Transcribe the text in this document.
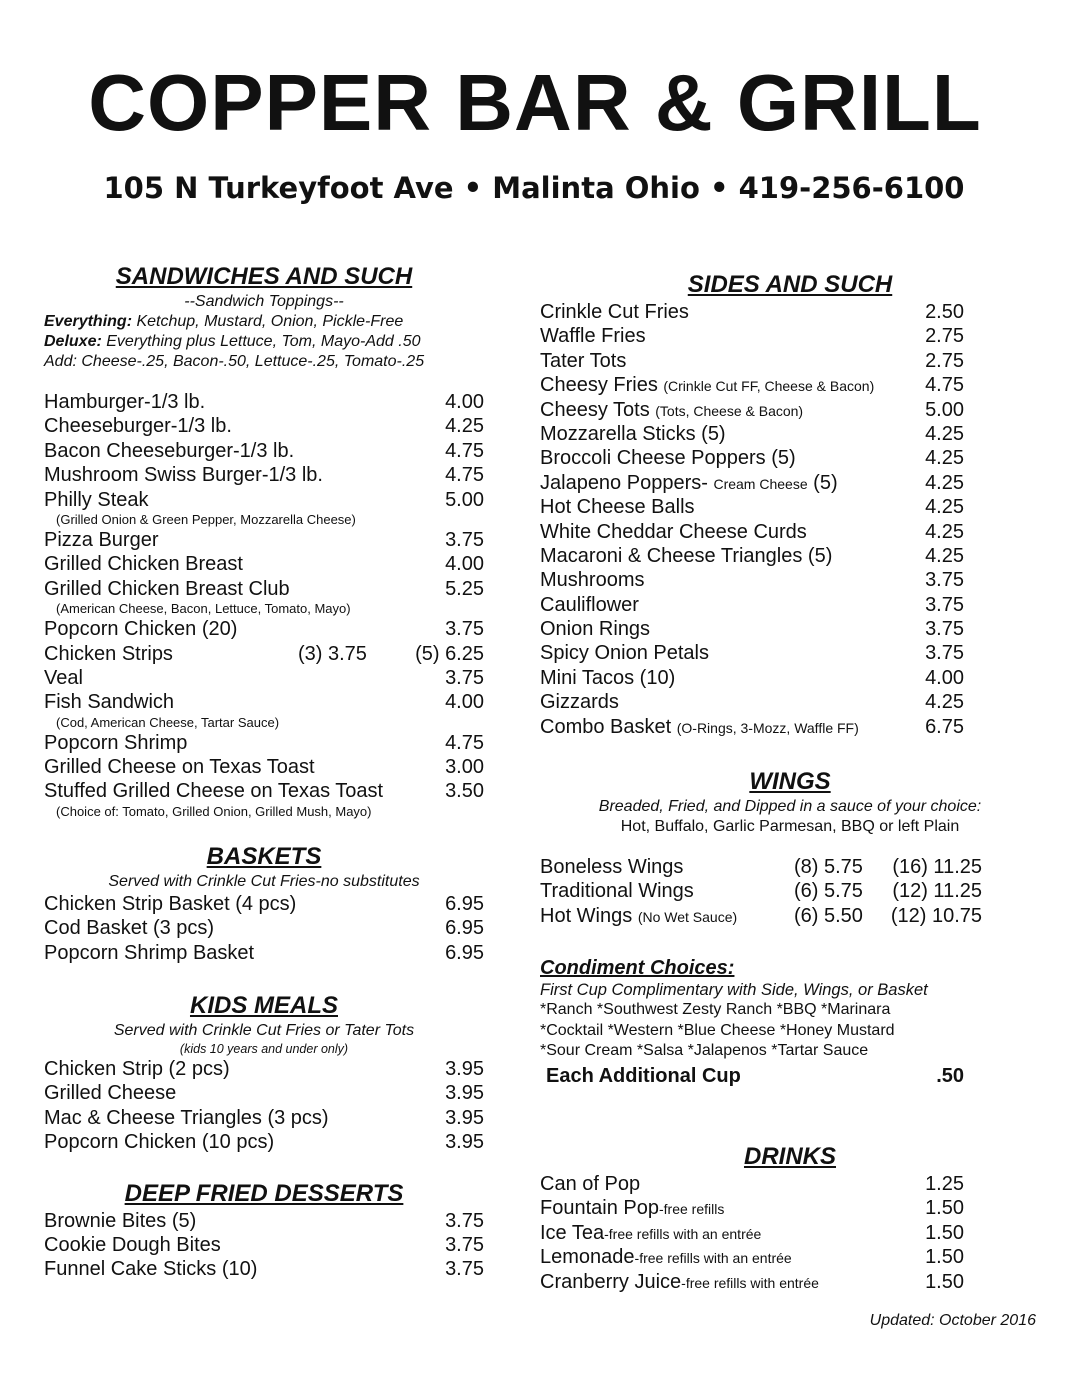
COPPER BAR & GRILL
105 N Turkeyfoot Ave • Malinta Ohio • 419-256-6100
SANDWICHES AND SUCH
--Sandwich Toppings--
Everything: Ketchup, Mustard, Onion, Pickle-Free
Deluxe: Everything plus Lettuce, Tom, Mayo-Add .50
Add: Cheese-.25, Bacon-.50, Lettuce-.25, Tomato-.25
Hamburger-1/3 lb.	4.00
Cheeseburger-1/3 lb.	4.25
Bacon Cheeseburger-1/3 lb.	4.75
Mushroom Swiss Burger-1/3 lb.	4.75
Philly Steak	5.00
(Grilled Onion & Green Pepper, Mozzarella Cheese)
Pizza Burger	3.75
Grilled Chicken Breast	4.00
Grilled Chicken Breast Club	5.25
(American Cheese, Bacon, Lettuce, Tomato, Mayo)
Popcorn Chicken (20)	3.75
Chicken Strips	(3) 3.75 (5) 6.25
Veal	3.75
Fish Sandwich	4.00
(Cod, American Cheese, Tartar Sauce)
Popcorn Shrimp	4.75
Grilled Cheese on Texas Toast	3.00
Stuffed Grilled Cheese on Texas Toast	3.50
(Choice of: Tomato, Grilled Onion, Grilled Mush, Mayo)
BASKETS
Served with Crinkle Cut Fries-no substitutes
Chicken Strip Basket (4 pcs)	6.95
Cod Basket (3 pcs)	6.95
Popcorn Shrimp Basket	6.95
KIDS MEALS
Served with Crinkle Cut Fries or Tater Tots
(kids 10 years and under only)
Chicken Strip (2 pcs)	3.95
Grilled Cheese	3.95
Mac & Cheese Triangles (3 pcs)	3.95
Popcorn Chicken (10 pcs)	3.95
DEEP FRIED DESSERTS
Brownie Bites (5)	3.75
Cookie Dough Bites	3.75
Funnel Cake Sticks (10)	3.75
SIDES AND SUCH
Crinkle Cut Fries	2.50
Waffle Fries	2.75
Tater Tots	2.75
Cheesy Fries (Crinkle Cut FF, Cheese & Bacon)	4.75
Cheesy Tots (Tots, Cheese & Bacon)	5.00
Mozzarella Sticks (5)	4.25
Broccoli Cheese Poppers (5)	4.25
Jalapeno Poppers- Cream Cheese (5)	4.25
Hot Cheese Balls	4.25
White Cheddar Cheese Curds	4.25
Macaroni & Cheese Triangles (5)	4.25
Mushrooms	3.75
Cauliflower	3.75
Onion Rings	3.75
Spicy Onion Petals	3.75
Mini Tacos (10)	4.00
Gizzards	4.25
Combo Basket (O-Rings, 3-Mozz, Waffle FF)	6.75
WINGS
Breaded, Fried, and Dipped in a sauce of your choice:
Hot, Buffalo, Garlic Parmesan, BBQ or left Plain
Boneless Wings	(8) 5.75 (16) 11.25
Traditional Wings	(6) 5.75 (12) 11.25
Hot Wings (No Wet Sauce)	(6) 5.50 (12) 10.75
Condiment Choices:
First Cup Complimentary with Side, Wings, or Basket
*Ranch *Southwest Zesty Ranch *BBQ *Marinara
*Cocktail *Western *Blue Cheese *Honey Mustard
*Sour Cream *Salsa *Jalapenos *Tartar Sauce
Each Additional Cup	.50
DRINKS
Can of Pop	1.25
Fountain Pop-free refills	1.50
Ice Tea-free refills with an entrée	1.50
Lemonade-free refills with an entrée	1.50
Cranberry Juice-free refills with entrée	1.50
Updated: October 2016
